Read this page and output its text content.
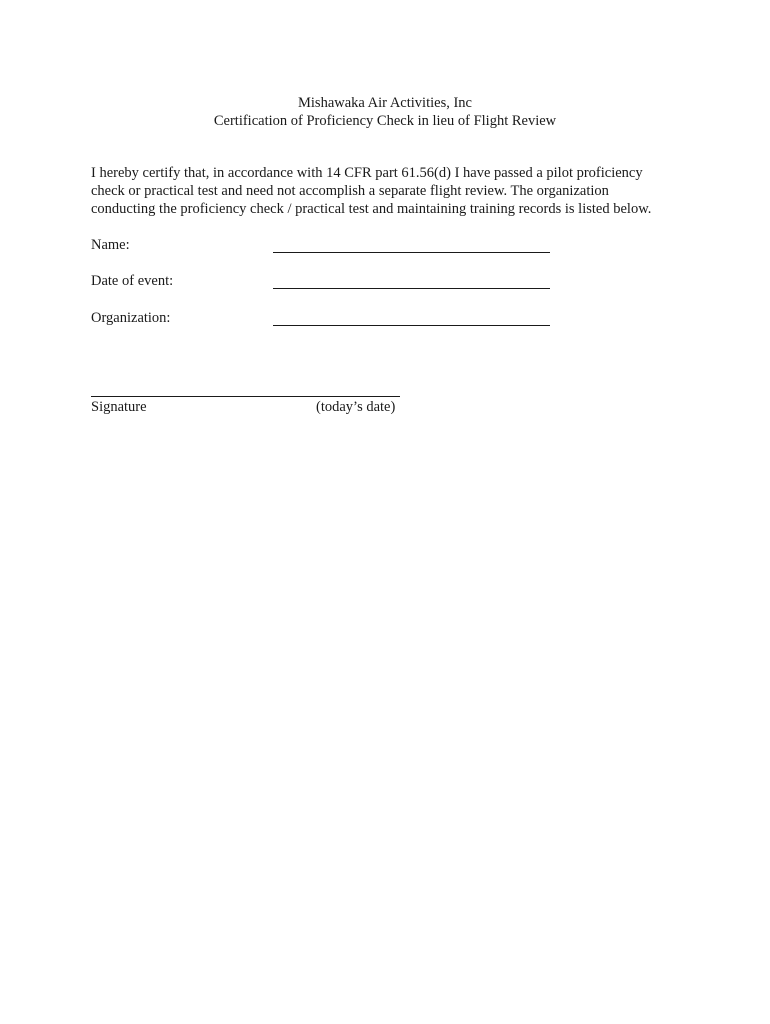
Mishawaka Air Activities, Inc
Certification of Proficiency Check in lieu of Flight Review

I hereby certify that, in accordance with 14 CFR part 61.56(d) I have passed a pilot proficiency
check or practical test and need not accomplish a separate flight review. The organization
conducting the proficiency check / practical test and maintaining training records is listed below.

Name:
Date of event:
Organization:
Signature	(today’s date)
